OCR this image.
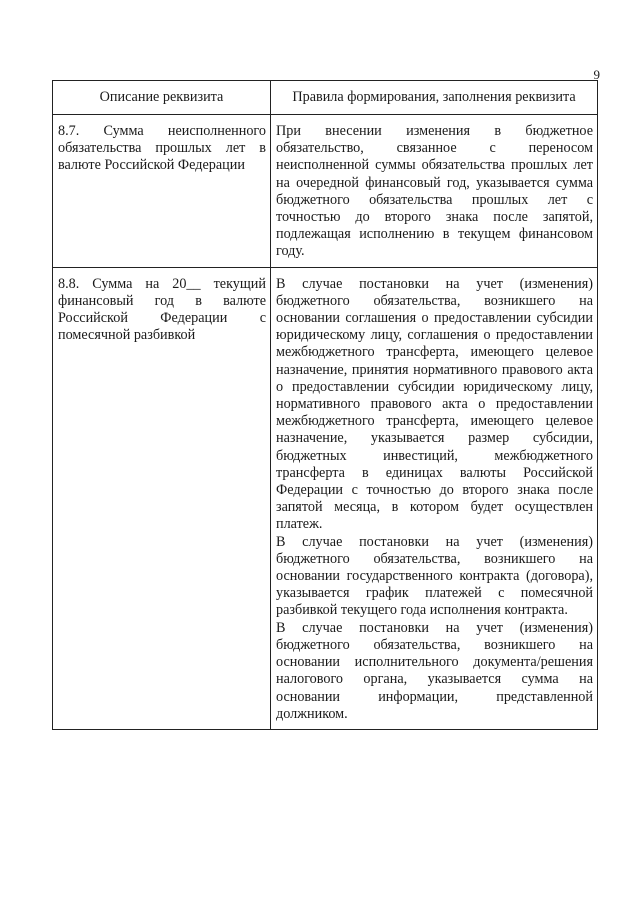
9
Описание реквизита	Правила формирования, заполнения реквизита
8.7. Сумма неисполненного обязательства прошлых лет в валюте Российской Федерации	При внесении изменения в бюджетное обязательство, связанное с переносом неисполненной суммы обязательства прошлых лет на очередной финансовый год, указывается сумма бюджетного обязательства прошлых лет с точностью до второго знака после запятой, подлежащая исполнению в текущем финансовом году.

8.8. Сумма на 20__ текущий финансовый год в валюте Российской Федерации с помесячной разбивкой	В случае постановки на учет (изменения) бюджетного обязательства, возникшего на основании соглашения о предоставлении субсидии юридическому лицу, соглашения о предоставлении межбюджетного трансферта, имеющего целевое назначение, принятия нормативного правового акта о предоставлении субсидии юридическому лицу, нормативного правового акта о предоставлении межбюджетного трансферта, имеющего целевое назначение, указывается размер субсидии, бюджетных инвестиций, межбюджетного трансферта в единицах валюты Российской Федерации с точностью до второго знака после запятой месяца, в котором будет осуществлен платеж.

В случае постановки на учет (изменения) бюджетного обязательства, возникшего на основании государственного контракта (договора), указывается график платежей с помесячной разбивкой текущего года исполнения контракта.

В случае постановки на учет (изменения) бюджетного обязательства, возникшего на основании исполнительного документа/решения налогового органа, указывается сумма на основании информации, представленной должником.
